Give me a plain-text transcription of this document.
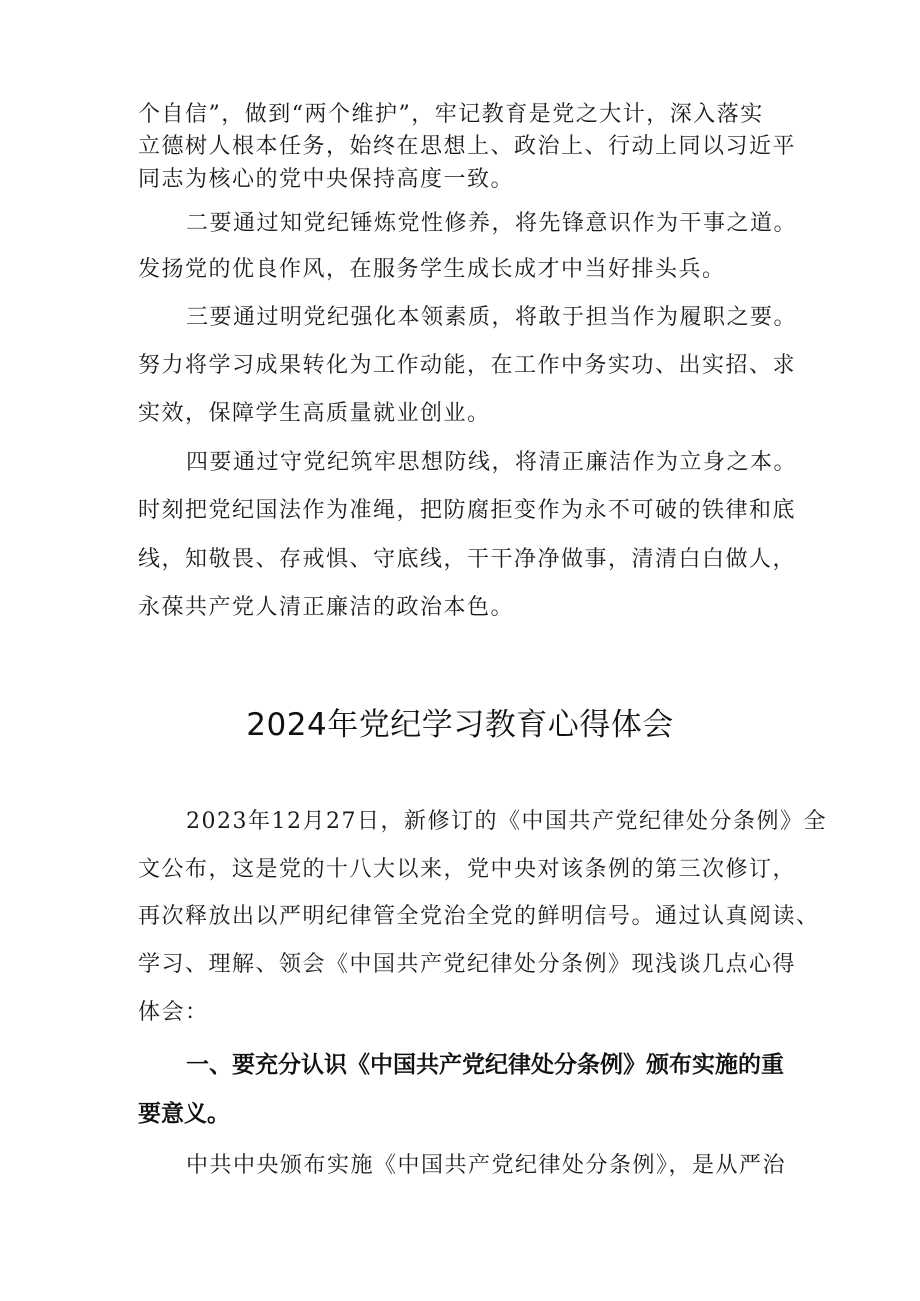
个自信”，做到“两个维护”，牢记教育是党之大计，深入落实
立德树人根本任务，始终在思想上、政治上、行动上同以习近平
同志为核心的党中央保持高度一致。
二要通过知党纪锤炼党性修养，将先锋意识作为干事之道。
发扬党的优良作风，在服务学生成长成才中当好排头兵。
三要通过明党纪强化本领素质，将敢于担当作为履职之要。
努力将学习成果转化为工作动能，在工作中务实功、出实招、求
实效，保障学生高质量就业创业。
四要通过守党纪筑牢思想防线，将清正廉洁作为立身之本。
时刻把党纪国法作为准绳，把防腐拒变作为永不可破的铁律和底
线，知敬畏、存戒惧、守底线，干干净净做事，清清白白做人，
永葆共产党人清正廉洁的政治本色。
2024年党纪学习教育心得体会
2023年12月27日，新修订的《中国共产党纪律处分条例》全
文公布，这是党的十八大以来，党中央对该条例的第三次修订，
再次释放出以严明纪律管全党治全党的鲜明信号。通过认真阅读、
学习、理解、领会《中国共产党纪律处分条例》现浅谈几点心得
体会：
一、要充分认识《中国共产党纪律处分条例》颁布实施的重
要意义。
中共中央颁布实施《中国共产党纪律处分条例》，是从严治
